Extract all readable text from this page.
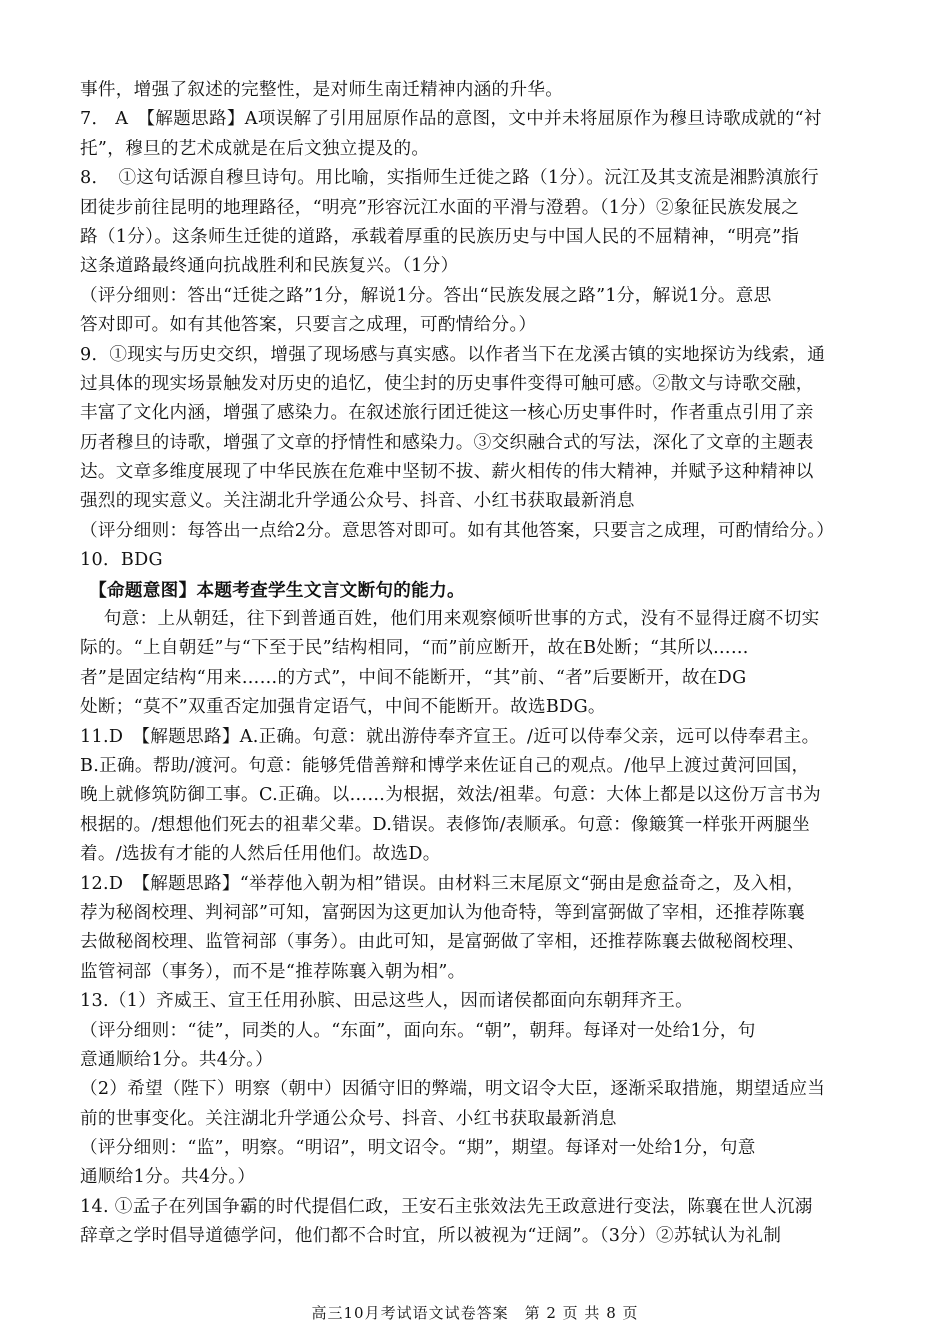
事件，增强了叙述的完整性，是对师生南迁精神内涵的升华。
7． A　【解题思路】A项误解了引用屈原作品的意图，文中并未将屈原作为穆旦诗歌成就的“衬
托”，穆旦的艺术成就是在后文独立提及的。
8．　①这句话源自穆旦诗句。用比喻，实指师生迁徙之路（1分）。沅江及其支流是湘黔滇旅行
团徒步前往昆明的地理路径，“明亮”形容沅江水面的平滑与澄碧。（1分）②象征民族发展之
路（1分）。这条师生迁徙的道路，承载着厚重的民族历史与中国人民的不屈精神，“明亮”指
这条道路最终通向抗战胜利和民族复兴。（1分）
（评分细则：答出“迁徙之路”1分，解说1分。答出“民族发展之路”1分，解说1分。意思
答对即可。如有其他答案，只要言之成理，可酌情给分。）
9．①现实与历史交织，增强了现场感与真实感。以作者当下在龙溪古镇的实地探访为线索，通
过具体的现实场景触发对历史的追忆，使尘封的历史事件变得可触可感。②散文与诗歌交融，
丰富了文化内涵，增强了感染力。在叙述旅行团迁徙这一核心历史事件时，作者重点引用了亲
历者穆旦的诗歌，增强了文章的抒情性和感染力。③交织融合式的写法，深化了文章的主题表
达。文章多维度展现了中华民族在危难中坚韧不拔、薪火相传的伟大精神，并赋予这种精神以
强烈的现实意义。关注湖北升学通公众号、抖音、小红书获取最新消息
（评分细则：每答出一点给2分。意思答对即可。如有其他答案，只要言之成理，可酌情给分。）
10．BDG
　【命题意图】本题考查学生文言文断句的能力。
　 句意：上从朝廷，往下到普通百姓，他们用来观察倾听世事的方式，没有不显得迂腐不切实
际的。“上自朝廷”与“下至于民”结构相同，“而”前应断开，故在B处断；“其所以……
者”是固定结构“用来……的方式”，中间不能断开，“其”前、“者”后要断开，故在DG
处断；“莫不”双重否定加强肯定语气，中间不能断开。故选BDG。
11.D　【解题思路】A.正确。句意：就出游侍奉齐宣王。/近可以侍奉父亲，远可以侍奉君主。
B.正确。帮助/渡河。句意：能够凭借善辩和博学来佐证自己的观点。/他早上渡过黄河回国，
晚上就修筑防御工事。C.正确。以……为根据，效法/祖辈。句意：大体上都是以这份万言书为
根据的。/想想他们死去的祖辈父辈。D.错误。表修饰/表顺承。句意：像簸箕一样张开两腿坐
着。/选拔有才能的人然后任用他们。故选D。
12.D　【解题思路】“举荐他入朝为相”错误。由材料三末尾原文“弼由是愈益奇之，及入相，
荐为秘阁校理、判祠部”可知，富弼因为这更加认为他奇特，等到富弼做了宰相，还推荐陈襄
去做秘阁校理、监管祠部（事务）。由此可知，是富弼做了宰相，还推荐陈襄去做秘阁校理、
监管祠部（事务），而不是“推荐陈襄入朝为相”。
13.（1）齐威王、宣王任用孙膑、田忌这些人，因而诸侯都面向东朝拜齐王。
（评分细则：“徒”，同类的人。“东面”，面向东。“朝”，朝拜。每译对一处给1分，句
意通顺给1分。共4分。）
（2）希望（陛下）明察（朝中）因循守旧的弊端，明文诏令大臣，逐渐采取措施，期望适应当
前的世事变化。关注湖北升学通公众号、抖音、小红书获取最新消息
（评分细则：“监”，明察。“明诏”，明文诏令。“期”，期望。每译对一处给1分，句意
通顺给1分。共4分。）
14. ①孟子在列国争霸的时代提倡仁政，王安石主张效法先王政意进行变法，陈襄在世人沉溺
辞章之学时倡导道德学问，他们都不合时宜，所以被视为“迂阔”。（3分）②苏轼认为礼制
高三10月考试语文试卷答案　第 2 页 共 8 页
